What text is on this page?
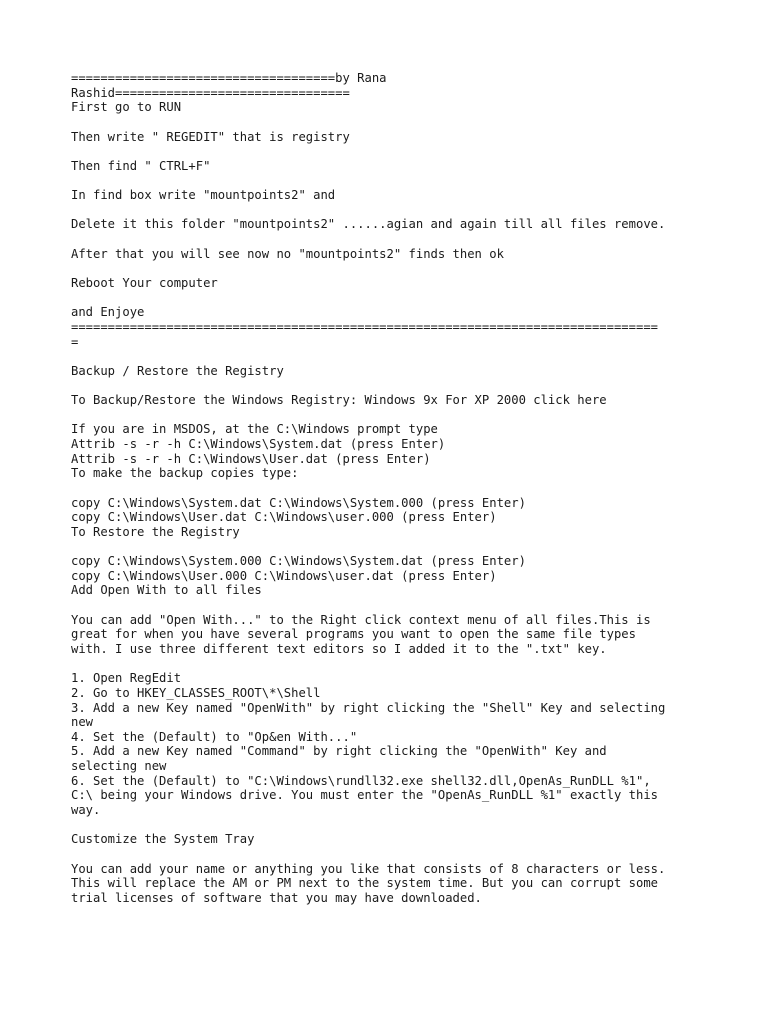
====================================by Rana
Rashid================================
First go to RUN
Then write " REGEDIT" that is registry
Then find " CTRL+F"
In find box write "mountpoints2" and
Delete it this folder "mountpoints2" ......agian and again till all files remove.
After that you will see now no "mountpoints2" finds then ok
Reboot Your computer
and Enjoye
================================================================================
=
Backup / Restore the Registry
To Backup/Restore the Windows Registry: Windows 9x For XP 2000 click here
If you are in MSDOS, at the C:\Windows prompt type
Attrib -s -r -h C:\Windows\System.dat (press Enter)
Attrib -s -r -h C:\Windows\User.dat (press Enter)
To make the backup copies type:
copy C:\Windows\System.dat C:\Windows\System.000 (press Enter)
copy C:\Windows\User.dat C:\Windows\user.000 (press Enter)
To Restore the Registry
copy C:\Windows\System.000 C:\Windows\System.dat (press Enter)
copy C:\Windows\User.000 C:\Windows\user.dat (press Enter)
Add Open With to all files
You can add "Open With..." to the Right click context menu of all files.This is
great for when you have several programs you want to open the same file types
with. I use three different text editors so I added it to the ".txt" key.
1. Open RegEdit
2. Go to HKEY_CLASSES_ROOT\*\Shell
3. Add a new Key named "OpenWith" by right clicking the "Shell" Key and selecting
new
4. Set the (Default) to "Op&en With..."
5. Add a new Key named "Command" by right clicking the "OpenWith" Key and
selecting new
6. Set the (Default) to "C:\Windows\rundll32.exe shell32.dll,OpenAs_RunDLL %1",
C:\ being your Windows drive. You must enter the "OpenAs_RunDLL %1" exactly this
way.
Customize the System Tray
You can add your name or anything you like that consists of 8 characters or less.
This will replace the AM or PM next to the system time. But you can corrupt some
trial licenses of software that you may have downloaded.
